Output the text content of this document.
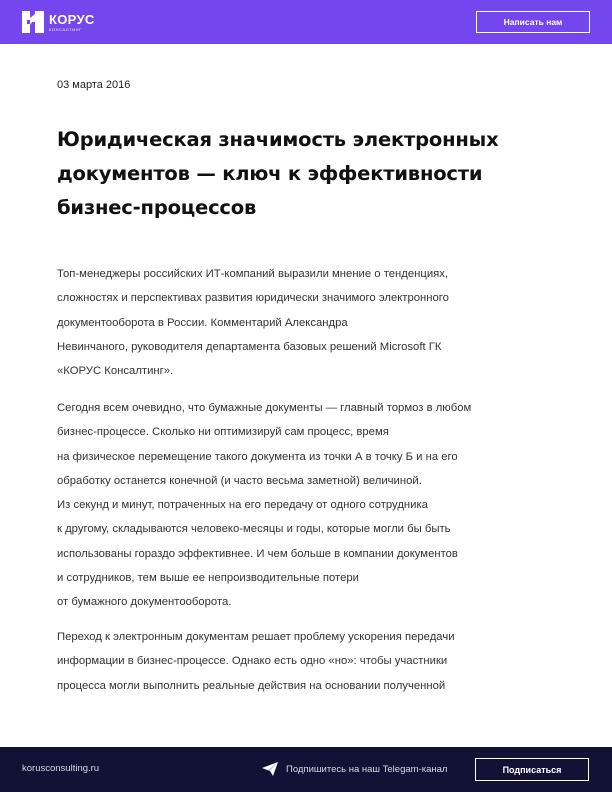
КОРУС
КОНСАЛТИНГ
Написать нам
03 марта 2016
Юридическая значимость электронных
документов — ключ к эффективности
бизнес-процессов
Топ-менеджеры российских ИТ-компаний выразили мнение о тенденциях,
сложностях и перспективах развития юридически значимого электронного
документооборота в России. Комментарий Александра
Невинчаного, руководителя департамента базовых решений Microsoft ГК
«КОРУС Консалтинг».
Сегодня всем очевидно, что бумажные документы — главный тормоз в любом
бизнес-процессе. Сколько ни оптимизируй сам процесс, время
на физическое перемещение такого документа из точки А в точку Б и на его
обработку останется конечной (и часто весьма заметной) величиной.
Из секунд и минут, потраченных на его передачу от одного сотрудника
к другому, складываются человеко-месяцы и годы, которые могли бы быть
использованы гораздо эффективнее. И чем больше в компании документов
и сотрудников, тем выше ее непроизводительные потери
от бумажного документооборота.
Переход к электронным документам решает проблему ускорения передачи
информации в бизнес-процессе. Однако есть одно «но»: чтобы участники
процесса могли выполнить реальные действия на основании полученной
korusconsulting.ru	Подпишитесь на наш Telegam-канал	Подписаться
